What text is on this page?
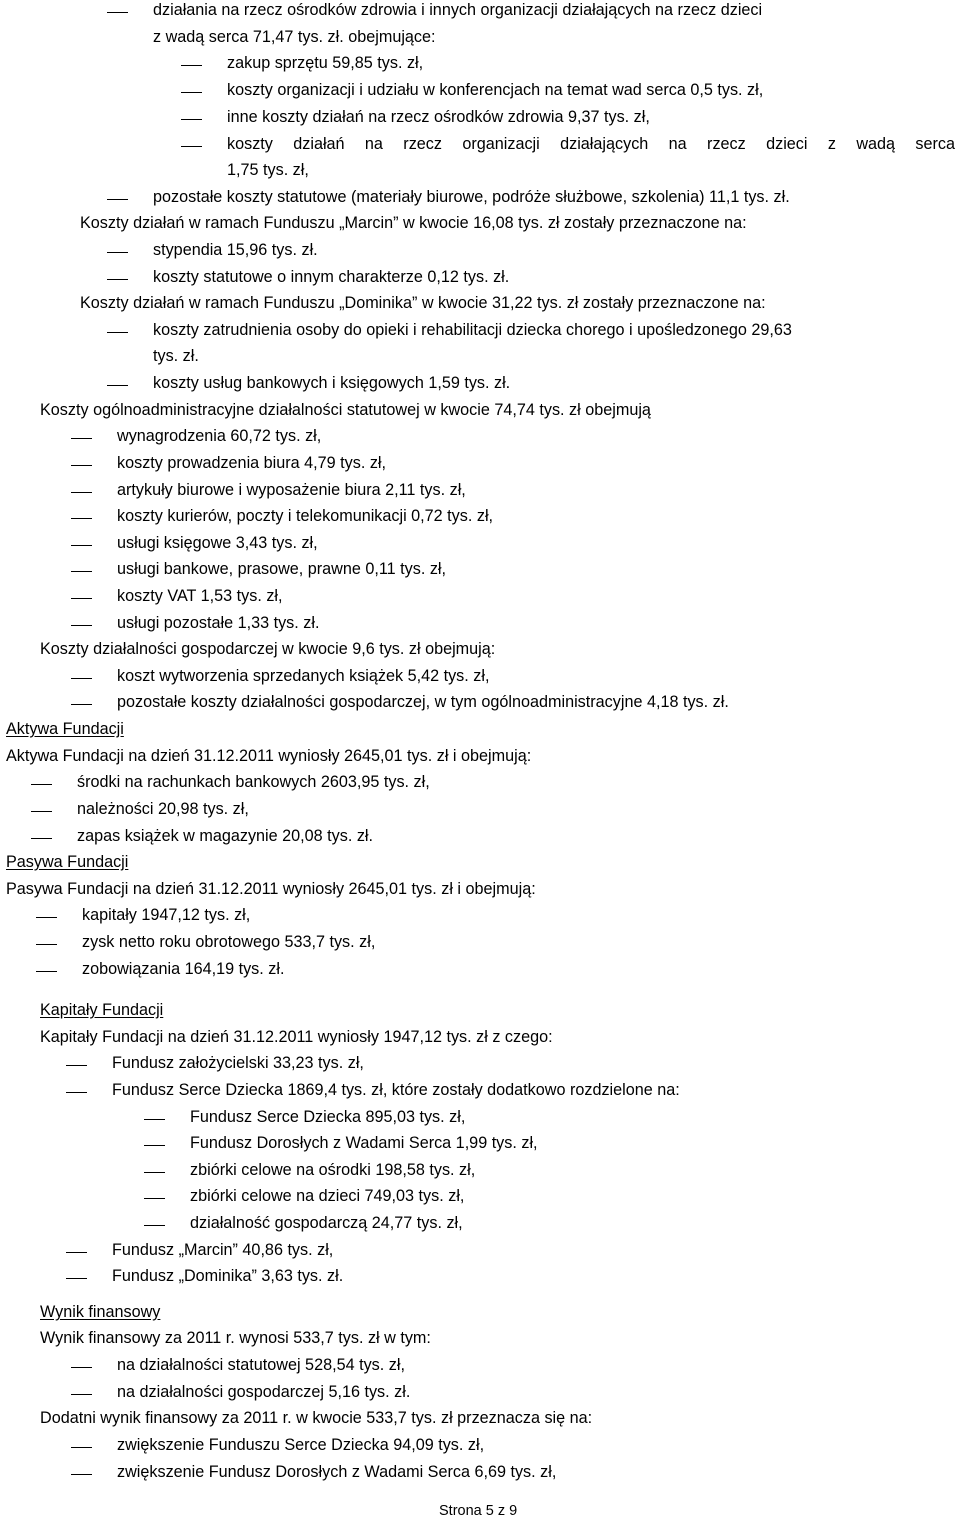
działania na rzecz ośrodków zdrowia i innych organizacji działających na rzecz dzieci
z wadą serca 71,47 tys. zł. obejmujące:
zakup sprzętu 59,85 tys. zł,
koszty organizacji i udziału w konferencjach na temat wad serca 0,5 tys. zł,
inne koszty działań na rzecz ośrodków zdrowia 9,37 tys. zł,
koszty działań na rzecz organizacji działających na rzecz dzieci z wadą serca
1,75 tys. zł,
pozostałe koszty statutowe (materiały biurowe, podróże służbowe, szkolenia) 11,1 tys. zł.
Koszty działań w ramach Funduszu „Marcin” w kwocie 16,08 tys. zł zostały przeznaczone na:
stypendia 15,96 tys. zł.
koszty statutowe o innym charakterze 0,12 tys. zł.
Koszty działań w ramach Funduszu „Dominika” w kwocie 31,22 tys. zł zostały przeznaczone na:
koszty zatrudnienia osoby do opieki i rehabilitacji dziecka chorego i upośledzonego 29,63
tys. zł.
koszty usług bankowych i księgowych 1,59 tys. zł.
Koszty ogólnoadministracyjne działalności statutowej w kwocie 74,74 tys. zł obejmują
wynagrodzenia 60,72 tys. zł,
koszty prowadzenia biura 4,79 tys. zł,
artykuły biurowe i wyposażenie biura 2,11 tys. zł,
koszty kurierów, poczty i telekomunikacji 0,72 tys. zł,
usługi księgowe 3,43 tys. zł,
usługi bankowe, prasowe, prawne 0,11 tys. zł,
koszty VAT 1,53 tys. zł,
usługi pozostałe 1,33 tys. zł.
Koszty działalności gospodarczej w kwocie 9,6 tys. zł obejmują:
koszt wytworzenia sprzedanych książek 5,42 tys. zł,
pozostałe koszty działalności gospodarczej, w tym ogólnoadministracyjne 4,18 tys. zł.
Aktywa Fundacji
Aktywa Fundacji na dzień 31.12.2011 wyniosły 2645,01 tys. zł i obejmują:
środki na rachunkach bankowych 2603,95 tys. zł,
należności 20,98 tys. zł,
zapas książek w magazynie 20,08 tys. zł.
Pasywa Fundacji
Pasywa Fundacji na dzień 31.12.2011 wyniosły 2645,01 tys. zł i obejmują:
kapitały 1947,12 tys. zł,
zysk netto roku obrotowego 533,7 tys. zł,
zobowiązania 164,19 tys. zł.
Kapitały Fundacji
Kapitały Fundacji na dzień 31.12.2011 wyniosły 1947,12 tys. zł z czego:
Fundusz założycielski 33,23 tys. zł,
Fundusz Serce Dziecka 1869,4 tys. zł, które zostały dodatkowo rozdzielone na:
Fundusz Serce Dziecka 895,03 tys. zł,
Fundusz Dorosłych z Wadami Serca 1,99 tys. zł,
zbiórki celowe na ośrodki 198,58 tys. zł,
zbiórki celowe na dzieci 749,03 tys. zł,
działalność gospodarczą 24,77 tys. zł,
Fundusz „Marcin” 40,86 tys. zł,
Fundusz „Dominika” 3,63 tys. zł.
Wynik finansowy
Wynik finansowy za 2011 r. wynosi 533,7 tys. zł w tym:
na działalności statutowej 528,54 tys. zł,
na działalności gospodarczej 5,16 tys. zł.
Dodatni wynik finansowy za 2011 r. w kwocie 533,7 tys. zł przeznacza się na:
zwiększenie Funduszu Serce Dziecka 94,09 tys. zł,
zwiększenie Fundusz Dorosłych z Wadami Serca 6,69 tys. zł,
Strona 5 z 9
